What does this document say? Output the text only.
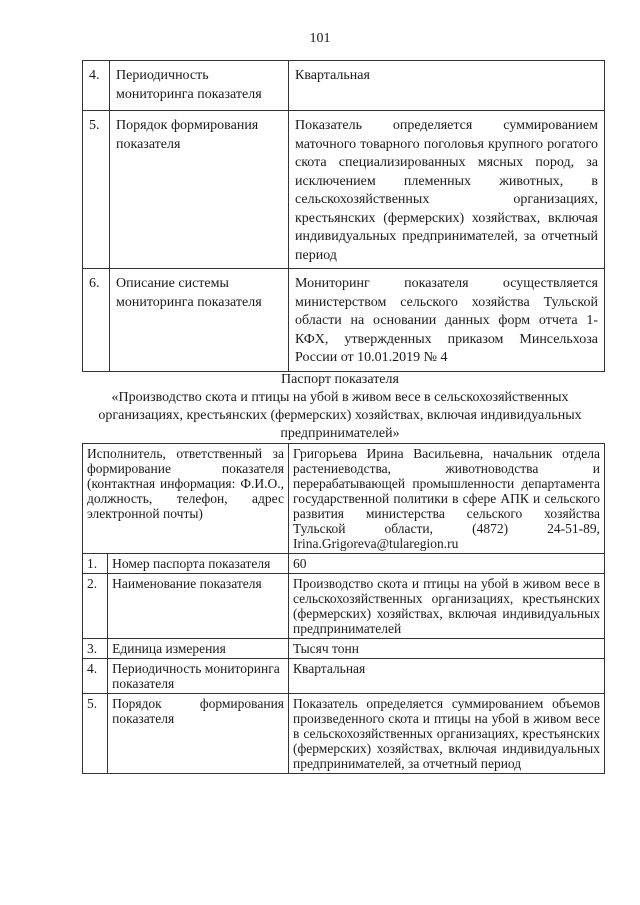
101
4.	Периодичность мониторинга показателя	Квартальная
5.	Порядок формирования показателя	Показатель определяется суммированием маточного товарного поголовья крупного рогатого скота специализированных мясных пород, за исключением племенных животных, в сельскохозяйственных организациях, крестьянских (фермерских) хозяйствах, включая индивидуальных предпринимателей, за отчетный период
6.	Описание системы мониторинга показателя	Мониторинг показателя осуществляется министерством сельского хозяйства Тульской области на основании данных форм отчета 1-КФХ, утвержденных приказом Минсельхоза России от 10.01.2019 № 4
Паспорт показателя
«Производство скота и птицы на убой в живом весе в сельскохозяйственных организациях, крестьянских (фермерских) хозяйствах, включая индивидуальных предпринимателей»
Исполнитель, ответственный за формирование показателя (контактная информация: Ф.И.О., должность, телефон, адрес электронной почты)		Григорьева Ирина Васильевна, начальник отдела растениеводства, животноводства и перерабатывающей промышленности департамента государственной политики в сфере АПК и сельского развития министерства сельского хозяйства Тульской области, (4872) 24-51-89, Irina.Grigoreva@tularegion.ru
1.	Номер паспорта показателя	60
2.	Наименование показателя	Производство скота и птицы на убой в живом весе в сельскохозяйственных организациях, крестьянских (фермерских) хозяйствах, включая индивидуальных предпринимателей
3.	Единица измерения	Тысяч тонн
4.	Периодичность мониторинга показателя	Квартальная
5.	Порядок формирования показателя	Показатель определяется суммированием объемов произведенного скота и птицы на убой в живом весе в сельскохозяйственных организациях, крестьянских (фермерских) хозяйствах, включая индивидуальных предпринимателей, за отчетный период
